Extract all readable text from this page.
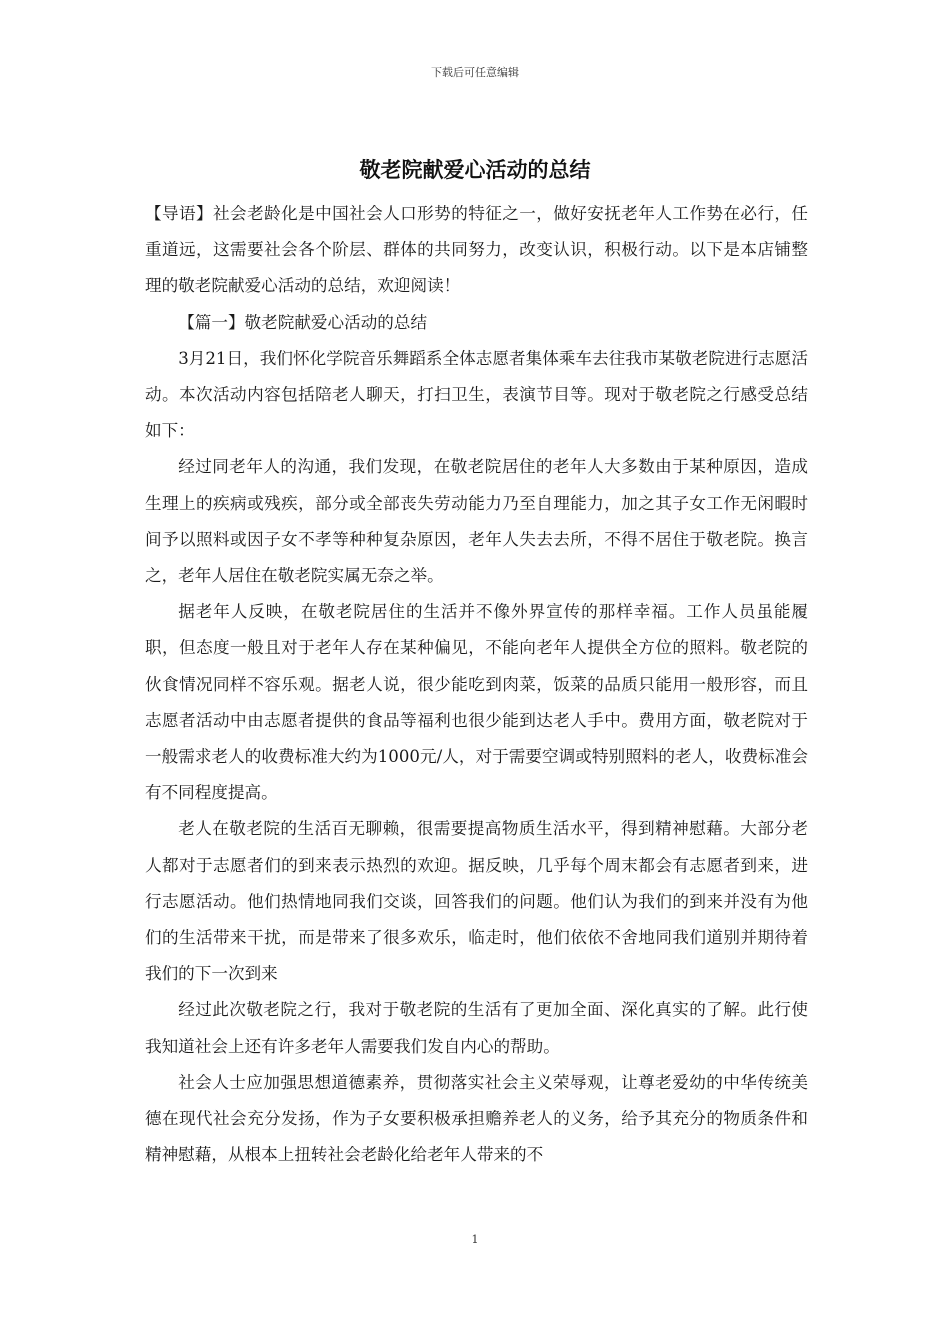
下载后可任意编辑
敬老院献爱心活动的总结

【导语】社会老龄化是中国社会人口形势的特征之一，做好安抚老年人工作势在必行，任重道远，这需要社会各个阶层、群体的共同努力，改变认识，积极行动。以下是本店铺整理的敬老院献爱心活动的总结，欢迎阅读！

【篇一】敬老院献爱心活动的总结

3月21日，我们怀化学院音乐舞蹈系全体志愿者集体乘车去往我市某敬老院进行志愿活动。本次活动内容包括陪老人聊天，打扫卫生，表演节目等。现对于敬老院之行感受总结如下：

经过同老年人的沟通，我们发现，在敬老院居住的老年人大多数由于某种原因，造成生理上的疾病或残疾，部分或全部丧失劳动能力乃至自理能力，加之其子女工作无闲暇时间予以照料或因子女不孝等种种复杂原因，老年人失去去所，不得不居住于敬老院。换言之，老年人居住在敬老院实属无奈之举。

据老年人反映，在敬老院居住的生活并不像外界宣传的那样幸福。工作人员虽能履职，但态度一般且对于老年人存在某种偏见，不能向老年人提供全方位的照料。敬老院的伙食情况同样不容乐观。据老人说，很少能吃到肉菜，饭菜的品质只能用一般形容，而且志愿者活动中由志愿者提供的食品等福利也很少能到达老人手中。费用方面，敬老院对于一般需求老人的收费标准大约为1000元/人，对于需要空调或特别照料的老人，收费标准会有不同程度提高。

老人在敬老院的生活百无聊赖，很需要提高物质生活水平，得到精神慰藉。大部分老人都对于志愿者们的到来表示热烈的欢迎。据反映，几乎每个周末都会有志愿者到来，进行志愿活动。他们热情地同我们交谈，回答我们的问题。他们认为我们的到来并没有为他们的生活带来干扰，而是带来了很多欢乐，临走时，他们依依不舍地同我们道别并期待着我们的下一次到来

经过此次敬老院之行，我对于敬老院的生活有了更加全面、深化真实的了解。此行使我知道社会上还有许多老年人需要我们发自内心的帮助。

社会人士应加强思想道德素养，贯彻落实社会主义荣辱观，让尊老爱幼的中华传统美德在现代社会充分发扬，作为子女要积极承担赡养老人的义务，给予其充分的物质条件和精神慰藉，从根本上扭转社会老龄化给老年人带来的不

1
